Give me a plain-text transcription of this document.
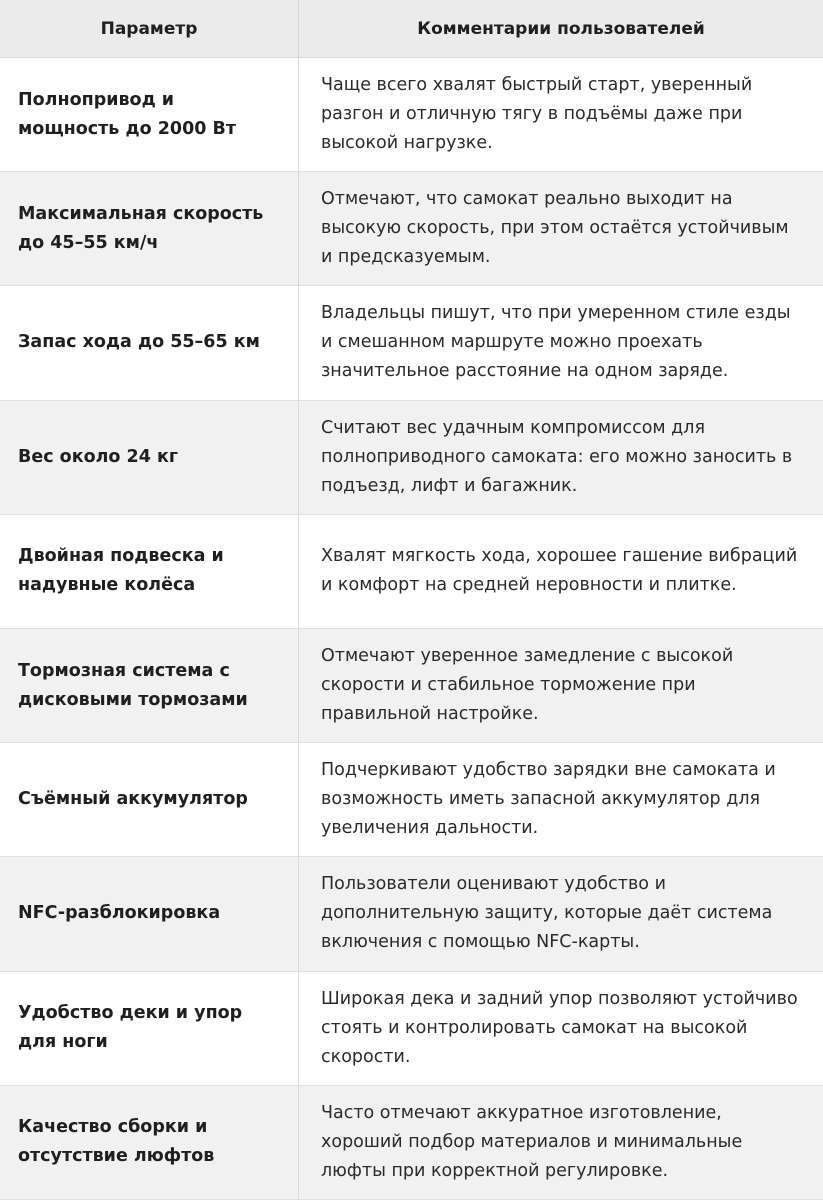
Параметр	Комментарии пользователей
Полнопривод и мощность до 2000 Вт
Чаще всего хвалят быстрый старт, уверенный разгон и отличную тягу в подъёмы даже при высокой нагрузке.
Максимальная скорость до 45–55 км/ч
Отмечают, что самокат реально выходит на высокую скорость, при этом остаётся устойчивым и предсказуемым.
Запас хода до 55–65 км
Владельцы пишут, что при умеренном стиле езды и смешанном маршруте можно проехать значительное расстояние на одном заряде.
Вес около 24 кг
Считают вес удачным компромиссом для полноприводного самоката: его можно заносить в подъезд, лифт и багажник.
Двойная подвеска и надувные колёса
Хвалят мягкость хода, хорошее гашение вибраций и комфорт на средней неровности и плитке.
Тормозная система с дисковыми тормозами
Отмечают уверенное замедление с высокой скорости и стабильное торможение при правильной настройке.
Съёмный аккумулятор
Подчеркивают удобство зарядки вне самоката и возможность иметь запасной аккумулятор для увеличения дальности.
NFC-разблокировка
Пользователи оценивают удобство и дополнительную защиту, которые даёт система включения с помощью NFC-карты.
Удобство деки и упор для ноги
Широкая дека и задний упор позволяют устойчиво стоять и контролировать самокат на высокой скорости.
Качество сборки и отсутствие люфтов
Часто отмечают аккуратное изготовление, хороший подбор материалов и минимальные люфты при корректной регулировке.
